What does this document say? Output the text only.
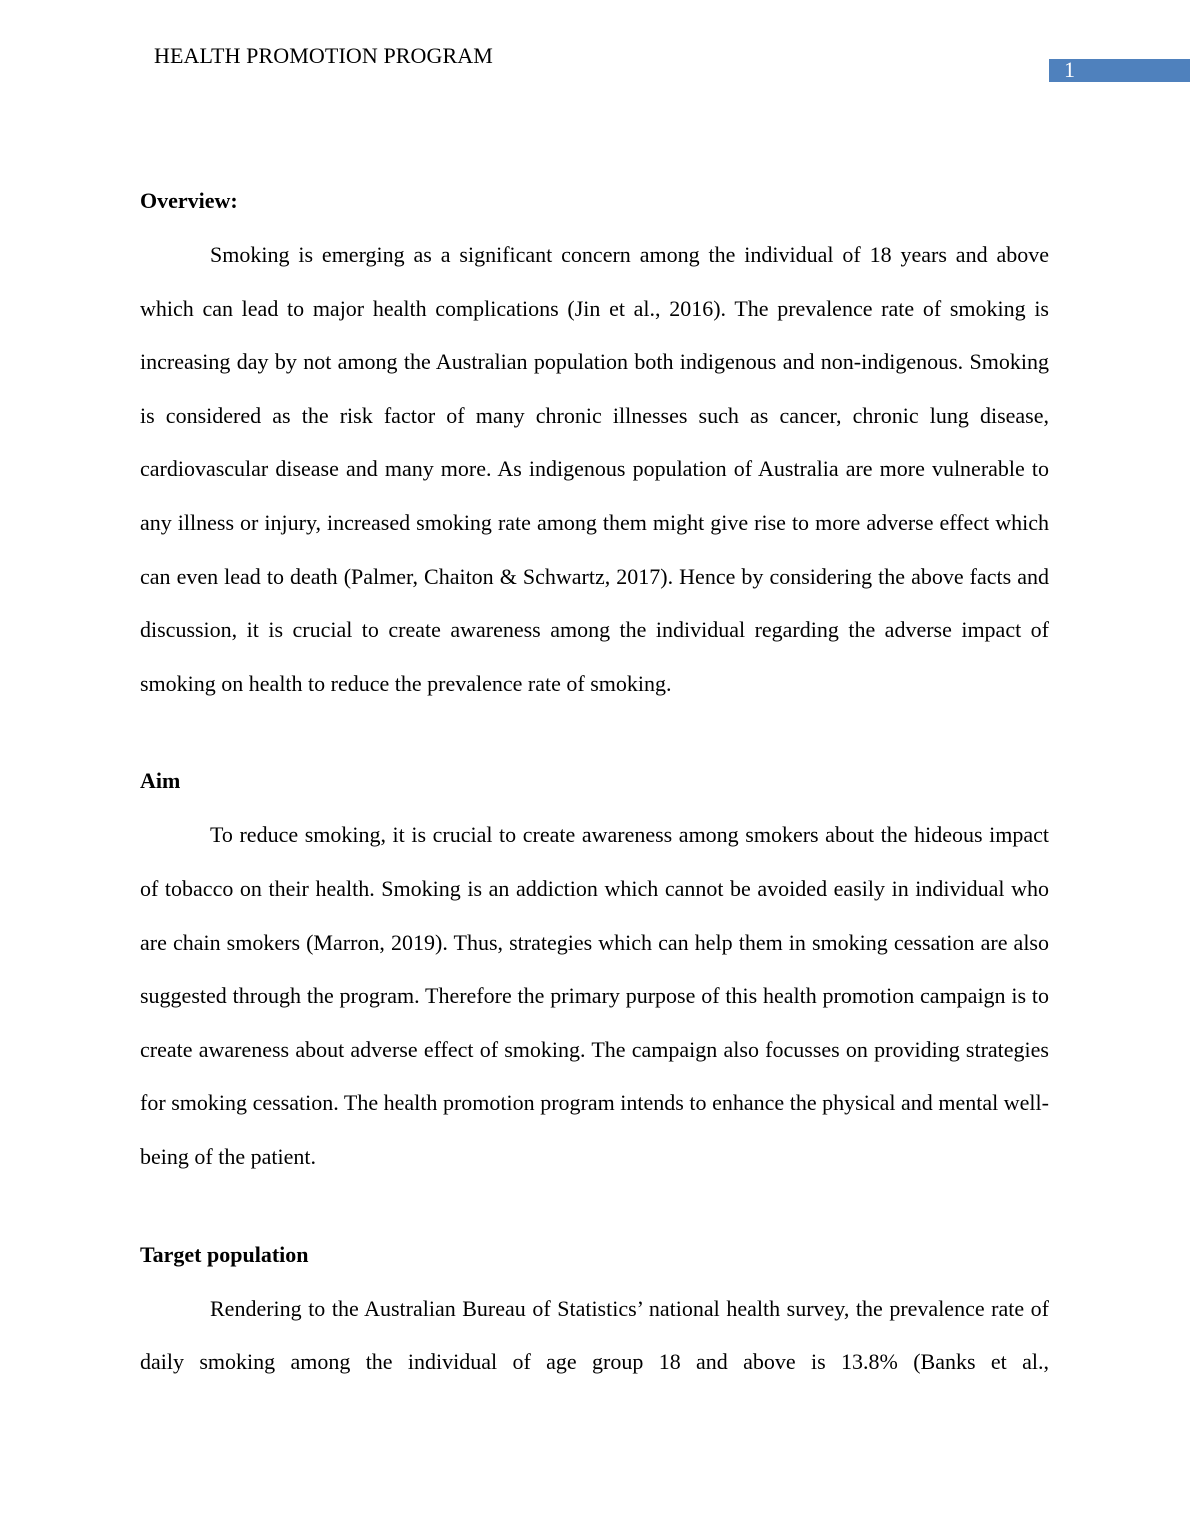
HEALTH PROMOTION PROGRAM
1

Overview:

Smoking is emerging as a significant concern among the individual of 18 years and above which can lead to major health complications (Jin et al., 2016). The prevalence rate of smoking is increasing day by not among the Australian population both indigenous and non-indigenous. Smoking is considered as the risk factor of many chronic illnesses such as cancer, chronic lung disease, cardiovascular disease and many more. As indigenous population of Australia are more vulnerable to any illness or injury, increased smoking rate among them might give rise to more adverse effect which can even lead to death (Palmer, Chaiton & Schwartz, 2017). Hence by considering the above facts and discussion, it is crucial to create awareness among the individual regarding the adverse impact of smoking on health to reduce the prevalence rate of smoking.

Aim

To reduce smoking, it is crucial to create awareness among smokers about the hideous impact of tobacco on their health. Smoking is an addiction which cannot be avoided easily in individual who are chain smokers (Marron, 2019). Thus, strategies which can help them in smoking cessation are also suggested through the program. Therefore the primary purpose of this health promotion campaign is to create awareness about adverse effect of smoking. The campaign also focusses on providing strategies for smoking cessation. The health promotion program intends to enhance the physical and mental well-being of the patient.

Target population

Rendering to the Australian Bureau of Statistics’ national health survey, the prevalence rate of daily smoking among the individual of age group 18 and above is 13.8% (Banks et al.,
